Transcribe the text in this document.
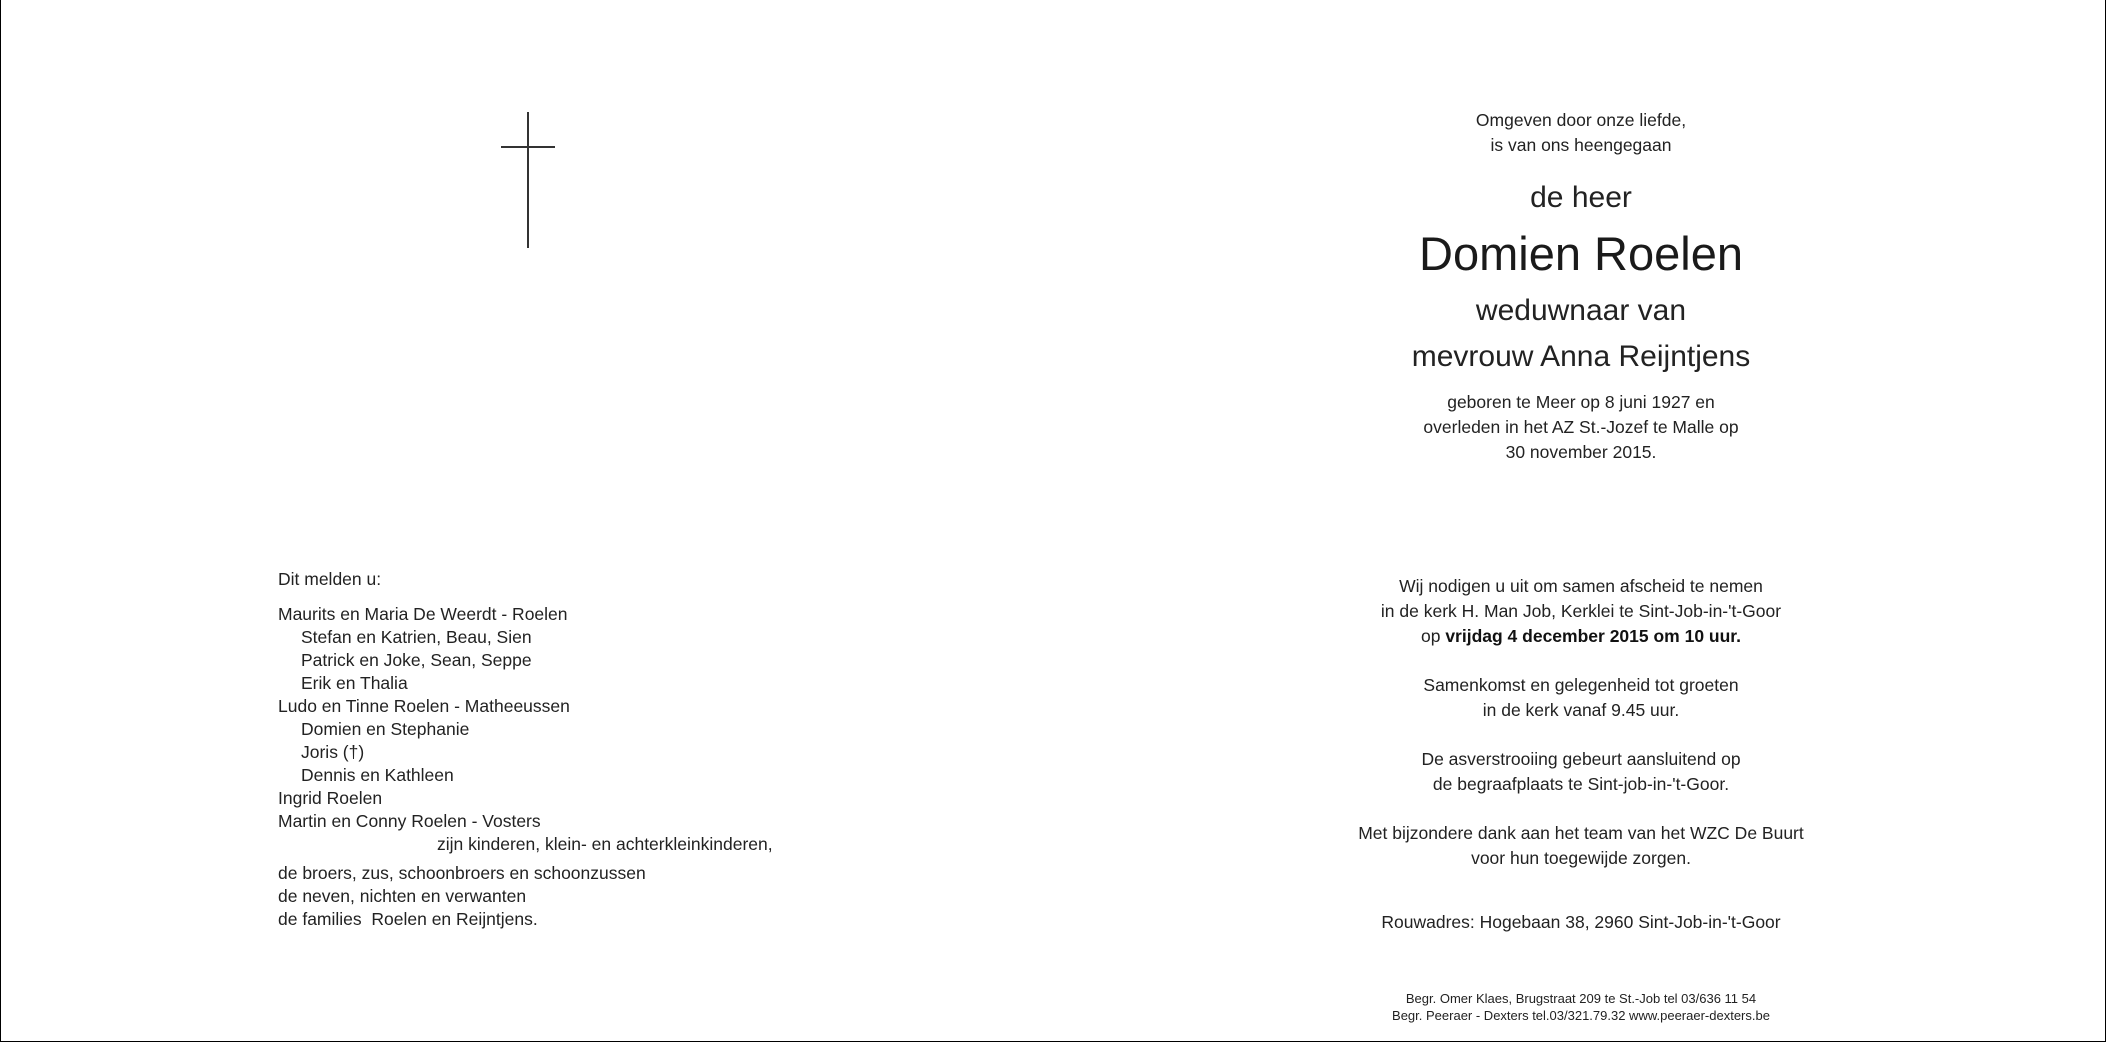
Dit melden u:
Maurits en Maria De Weerdt - Roelen
Stefan en Katrien, Beau, Sien
Patrick en Joke, Sean, Seppe
Erik en Thalia
Ludo en Tinne Roelen - Matheeussen
Domien en Stephanie
Joris (†)
Dennis en Kathleen
Ingrid Roelen
Martin en Conny Roelen - Vosters
zijn kinderen, klein- en achterkleinkinderen,
de broers, zus, schoonbroers en schoonzussen
de neven, nichten en verwanten
de families  Roelen en Reijntjens.
Omgeven door onze liefde,
is van ons heengegaan
de heer
Domien Roelen
weduwnaar van
mevrouw Anna Reijntjens
geboren te Meer op 8 juni 1927 en
overleden in het AZ St.-Jozef te Malle op
30 november 2015.
Wij nodigen u uit om samen afscheid te nemen
in de kerk H. Man Job, Kerklei te Sint-Job-in-'t-Goor
op vrijdag 4 december 2015 om 10 uur.
Samenkomst en gelegenheid tot groeten
in de kerk vanaf 9.45 uur.
De asverstrooiing gebeurt aansluitend op
de begraafplaats te Sint-job-in-'t-Goor.
Met bijzondere dank aan het team van het WZC De Buurt
voor hun toegewijde zorgen.
Rouwadres: Hogebaan 38, 2960 Sint-Job-in-'t-Goor
Begr. Omer Klaes, Brugstraat 209 te St.-Job tel 03/636 11 54
Begr. Peeraer - Dexters tel.03/321.79.32 www.peeraer-dexters.be
